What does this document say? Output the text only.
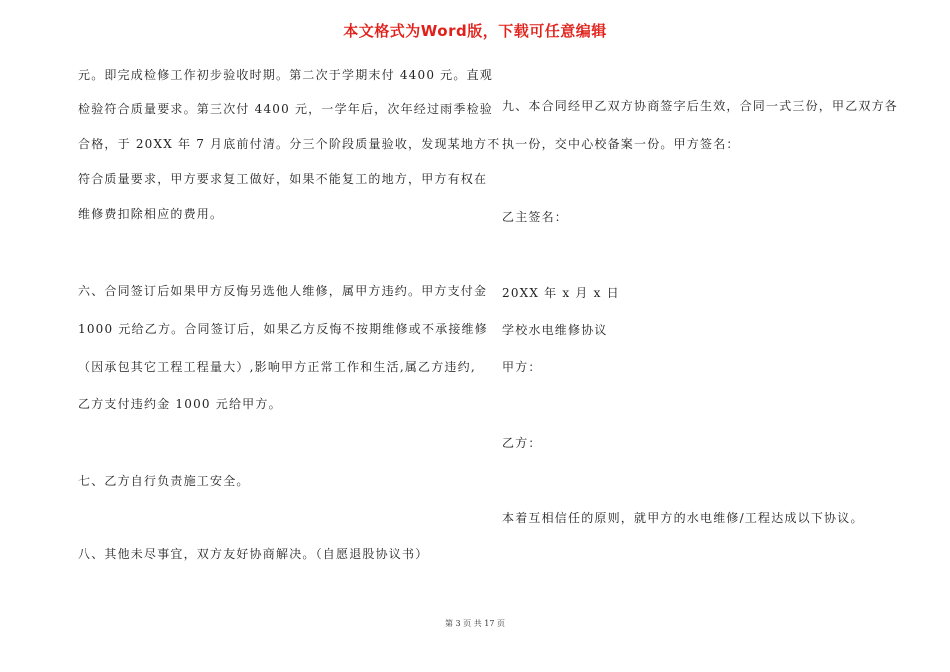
本文格式为Word版，下载可任意编辑
元。即完成检修工作初步验收时期。第二次于学期末付 4400 元。直观
检验符合质量要求。第三次付 4400 元，一学年后，次年经过雨季检验
合格，于 20XX 年 7 月底前付清。分三个阶段质量验收，发现某地方不
符合质量要求，甲方要求复工做好，如果不能复工的地方，甲方有权在
维修费扣除相应的费用。
六、合同签订后如果甲方反悔另选他人维修，属甲方违约。甲方支付金
1000 元给乙方。合同签订后，如果乙方反悔不按期维修或不承接维修
（因承包其它工程工程量大）,影响甲方正常工作和生活,属乙方违约,
乙方支付违约金 1000 元给甲方。
七、乙方自行负责施工安全。
八、其他未尽事宜，双方友好协商解决。（自愿退股协议书）
九、本合同经甲乙双方协商签字后生效，合同一式三份，甲乙双方各
执一份，交中心校备案一份。甲方签名：
乙主签名：
20XX 年 x 月 x 日
学校水电维修协议
甲方：
乙方：
本着互相信任的原则，就甲方的水电维修/工程达成以下协议。
第 3 页 共 17 页
